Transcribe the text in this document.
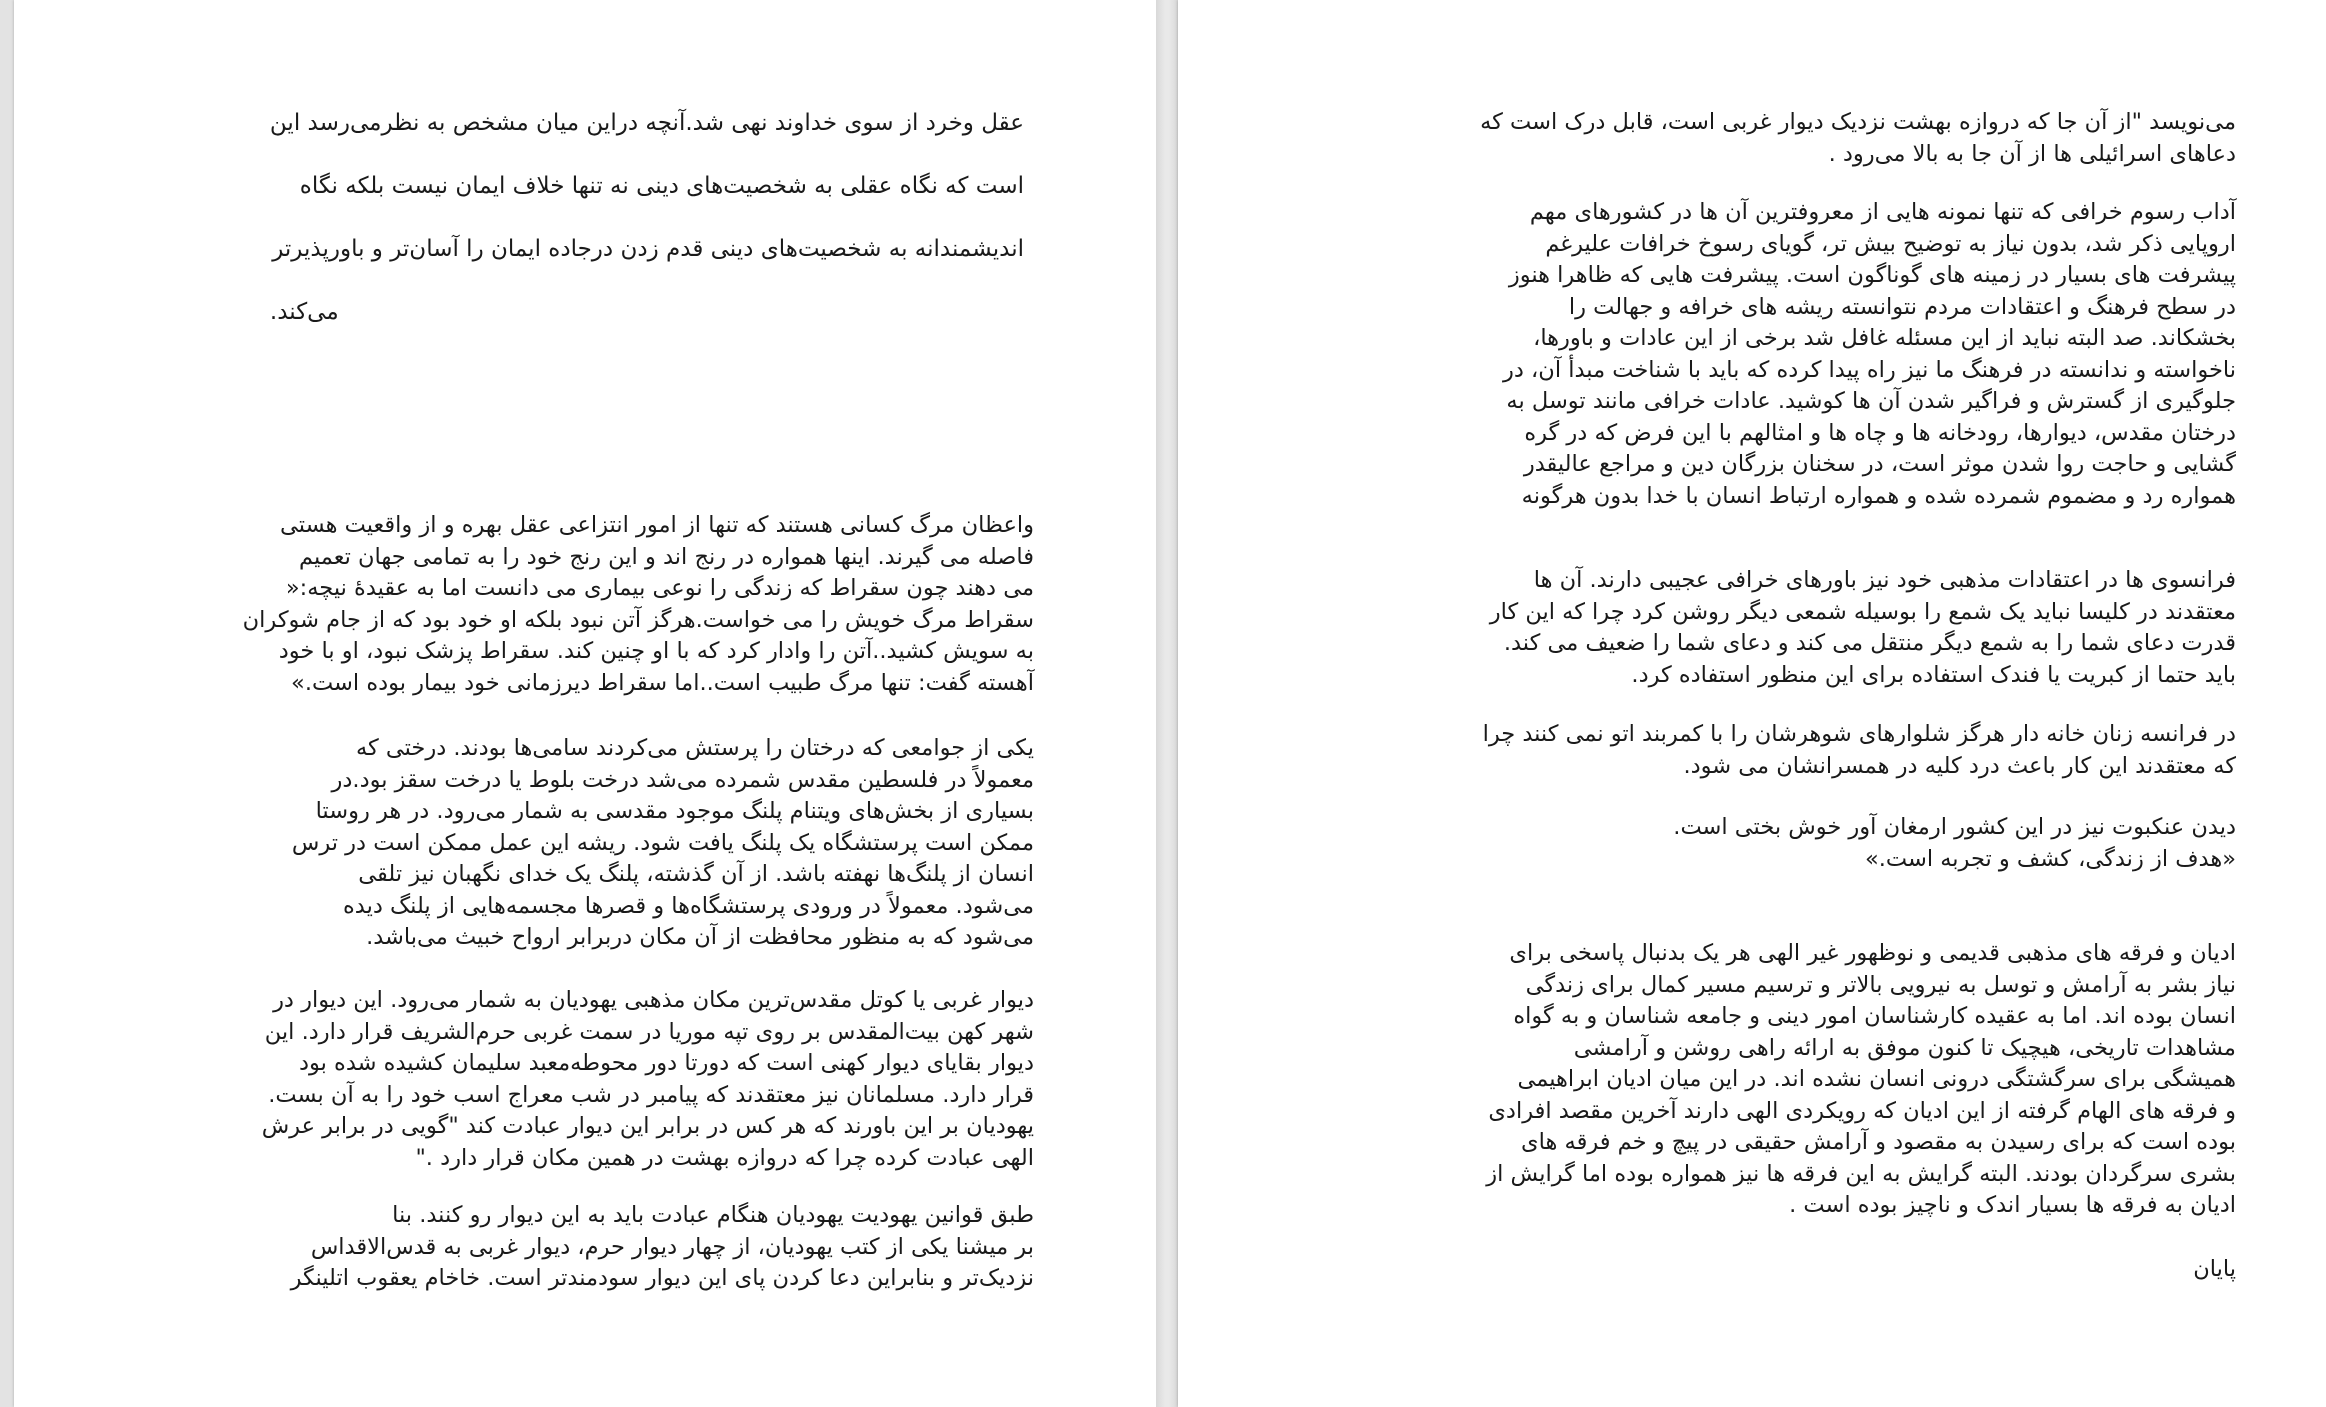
عقل وخرد از سوی خداوند نهی شد.آنچه دراین میان مشخص به نظرمی‌رسد این
است که نگاه عقلی به شخصیت‌های دینی نه تنها خلاف ایمان نیست بلکه نگاه
اندیشمندانه به شخصیت‌های دینی قدم زدن درجاده ایمان را آسان‌تر و باورپذیرتر
.می‌کند
واعظان مرگ کسانی هستند که تنها از امور انتزاعی عقل بهره و از واقعیت هستی
فاصله می گیرند. اینها همواره در رنج اند و این رنج خود را به تمامی جهان تعمیم
می دهند چون سقراط که زندگی را نوعی بیماری می دانست اما به عقیدۀ نیچه:«
سقراط مرگ خویش را می خواست.هرگز آتن نبود بلکه او خود بود که از جام شوکران
به سویش کشید..آتن را وادار کرد که با او چنین کند. سقراط پزشک نبود، او با خود
آهسته گفت: تنها مرگ طبیب است..اما سقراط دیرزمانی خود بیمار بوده است.»
یکی از جوامعی که درختان را پرستش می‌کردند سامی‌ها بودند. درختی که
معمولاً در فلسطین مقدس شمرده می‌شد درخت بلوط یا درخت سقز بود.در
بسیاری از بخش‌های ویتنام پلنگ موجود مقدسی به شمار می‌رود. در هر روستا
ممکن است پرستشگاه یک پلنگ یافت شود. ریشه این عمل ممکن است در ترس
انسان از پلنگ‌ها نهفته باشد. از آن گذشته، پلنگ یک خدای نگهبان نیز تلقی
می‌شود. معمولاً در ورودی پرستشگاه‌ها و قصرها مجسمه‌هایی از پلنگ دیده
می‌شود که به منظور محافظت از آن مکان دربرابر ارواح خبیث می‌باشد.
دیوار غربی یا کوتل مقدس‌ترین مکان مذهبی یهودیان به شمار می‌رود. این دیوار در
شهر کهن بیت‌المقدس بر روی تپه موریا در سمت غربی حرم‌الشریف قرار دارد. این
دیوار بقایای دیوار کهنی است که دورتا دور محوطه‌معبد سلیمان کشیده شده بود
قرار دارد. مسلمانان نیز معتقدند که پیامبر در شب معراج اسب خود را به آن بست.
یهودیان بر این باورند که هر کس در برابر این دیوار عبادت کند "گویی در برابر عرش
الهی عبادت کرده چرا که دروازه بهشت در همین مکان قرار دارد ."
طبق قوانین یهودیت یهودیان هنگام عبادت باید به این دیوار رو کنند. بنا
بر میشنا یکی از کتب یهودیان، از چهار دیوار حرم، دیوار غربی به قدس‌الاقداس
نزدیک‌تر و بنابراین دعا کردن پای این دیوار سودمندتر است. خاخام یعقوب اتلینگر
می‌نویسد "از آن جا که دروازه بهشت نزدیک دیوار غربی است، قابل درک است که
دعاهای اسرائیلی ها از آن جا به بالا می‌رود .
آداب رسوم خرافی که تنها نمونه هایی از معروفترین آن ها در کشورهای مهم
اروپایی ذکر شد، بدون نیاز به توضیح بیش تر، گویای رسوخ خرافات علیرغم
پیشرفت های بسیار در زمینه های گوناگون است. پیشرفت هایی که ظاهرا هنوز
در سطح فرهنگ و اعتقادات مردم نتوانسته ریشه های خرافه و جهالت را
بخشکاند. صد البته نباید از این مسئله غافل شد برخی از این عادات و باورها،
ناخواسته و ندانسته در فرهنگ ما نیز راه پیدا کرده که باید با شناخت مبدأ آن، در
جلوگیری از گسترش و فراگیر شدن آن ها کوشید. عادات خرافی مانند توسل به
درختان مقدس، دیوارها، رودخانه ها و چاه ها و امثالهم با این فرض که در گره
گشایی و حاجت روا شدن موثر است، در سخنان بزرگان دین و مراجع عالیقدر
همواره رد و مضموم شمرده شده و همواره ارتباط انسان با خدا بدون هرگونه
فرانسوی ها در اعتقادات مذهبی خود نیز باورهای خرافی عجیبی دارند. آن ها
معتقدند در کلیسا نباید یک شمع را بوسیله شمعی دیگر روشن کرد چرا که این کار
قدرت دعای شما را به شمع دیگر منتقل می کند و دعای شما را ضعیف می کند.
باید حتما از کبریت یا فندک استفاده برای این منظور استفاده کرد.
در فرانسه زنان خانه دار هرگز شلوارهای شوهرشان را با کمربند اتو نمی کنند چرا
که معتقدند این کار باعث درد کلیه در همسرانشان می شود.
دیدن عنکبوت نیز در این کشور ارمغان آور خوش بختی است.
«هدف از زندگی، کشف و تجربه است.»
ادیان و فرقه های مذهبی قدیمی و نوظهور غیر الهی هر یک بدنبال پاسخی برای
نیاز بشر به آرامش و توسل به نیرویی بالاتر و ترسیم مسیر کمال برای زندگی
انسان بوده اند. اما به عقیده کارشناسان امور دینی و جامعه شناسان و به گواه
مشاهدات تاریخی، هیچیک تا کنون موفق به ارائه راهی روشن و آرامشی
همیشگی برای سرگشتگی درونی انسان نشده اند. در این میان ادیان ابراهیمی
و فرقه های الهام گرفته از این ادیان که رویکردی الهی دارند آخرین مقصد افرادی
بوده است که برای رسیدن به مقصود و آرامش حقیقی در پیچ و خم فرقه های
بشری سرگردان بودند. البته گرایش به این فرقه ها نیز همواره بوده اما گرایش از
ادیان به فرقه ها بسیار اندک و ناچیز بوده است .
پایان
